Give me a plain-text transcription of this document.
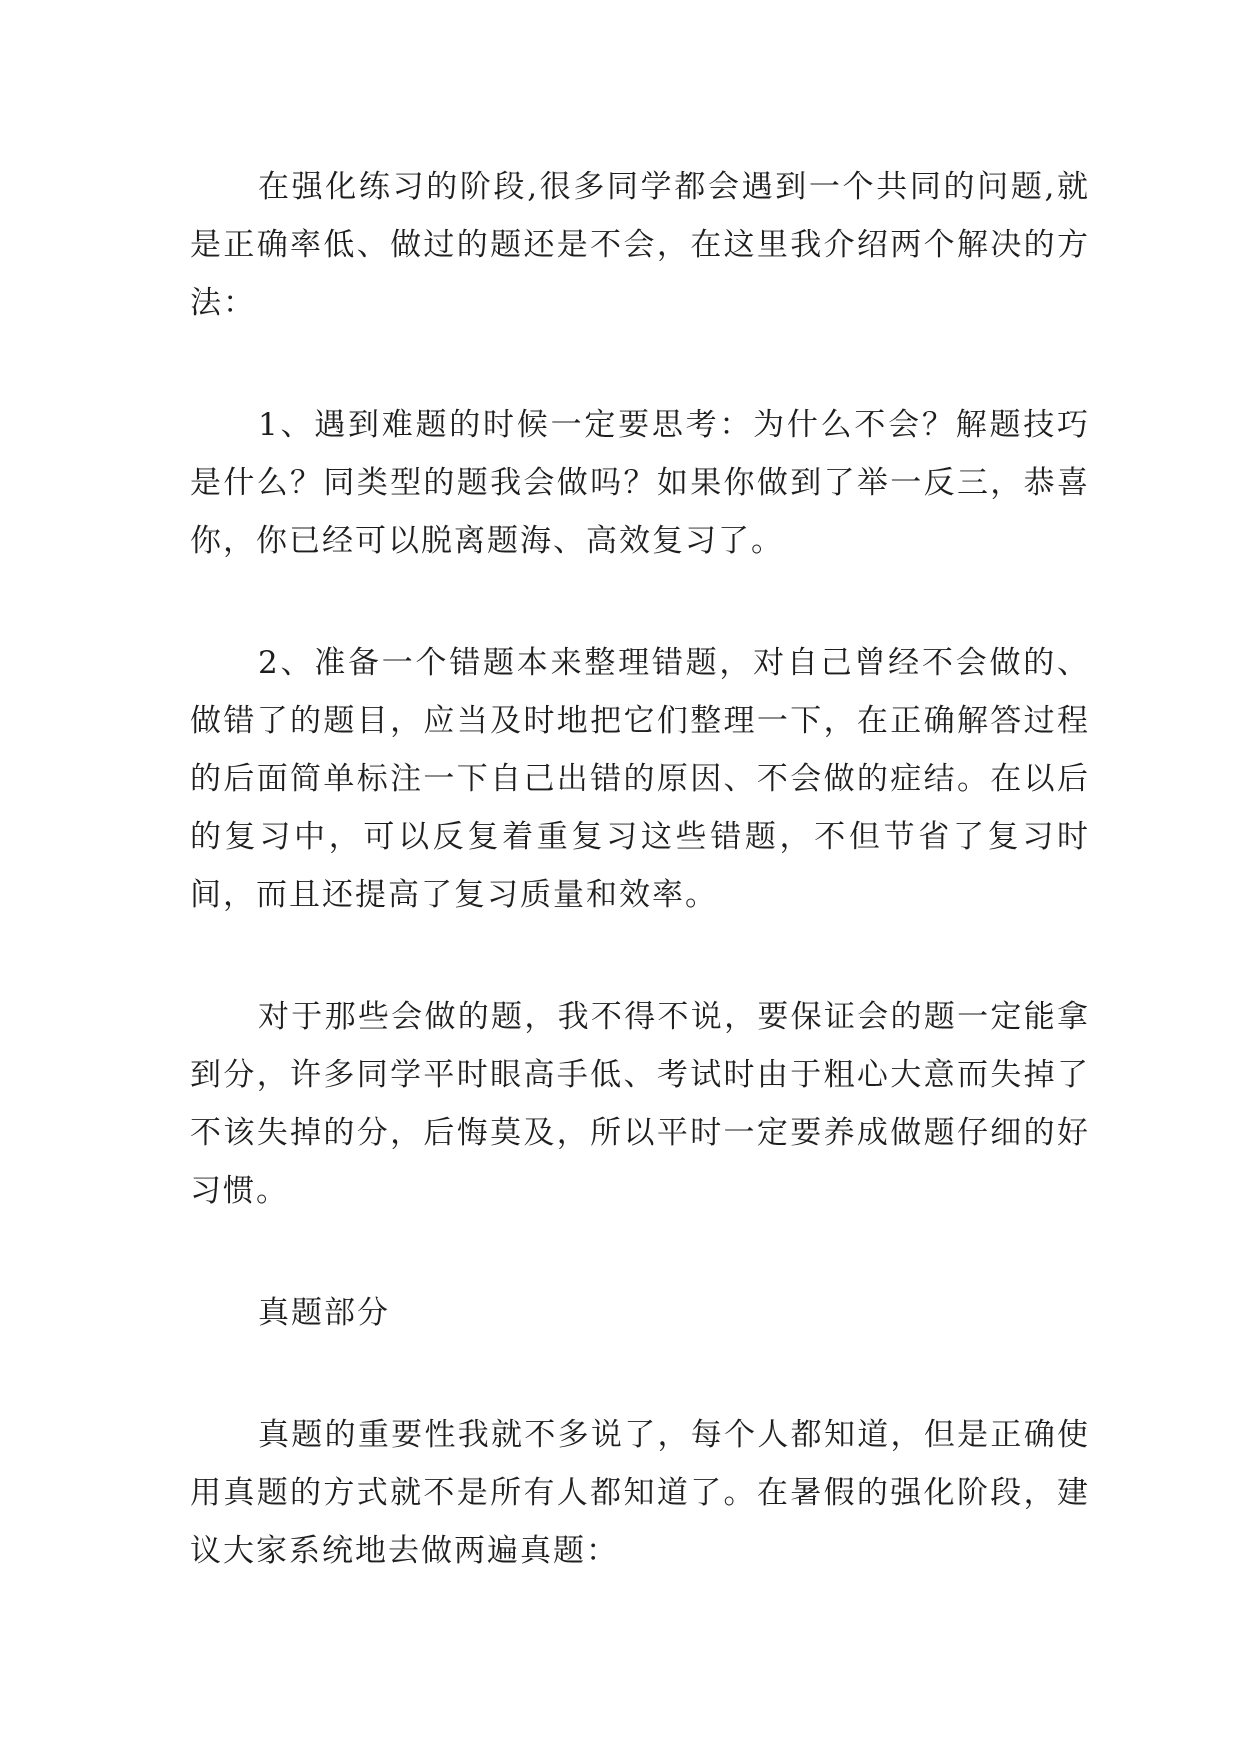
在强化练习的阶段,很多同学都会遇到一个共同的问题,就是正确率低、做过的题还是不会，在这里我介绍两个解决的方法：

1、遇到难题的时候一定要思考：为什么不会？解题技巧是什么？同类型的题我会做吗？如果你做到了举一反三，恭喜你，你已经可以脱离题海、高效复习了。

2、准备一个错题本来整理错题，对自己曾经不会做的、做错了的题目，应当及时地把它们整理一下，在正确解答过程的后面简单标注一下自己出错的原因、不会做的症结。在以后的复习中，可以反复着重复习这些错题，不但节省了复习时间，而且还提高了复习质量和效率。

对于那些会做的题，我不得不说，要保证会的题一定能拿到分，许多同学平时眼高手低、考试时由于粗心大意而失掉了不该失掉的分，后悔莫及，所以平时一定要养成做题仔细的好习惯。

真题部分

真题的重要性我就不多说了，每个人都知道，但是正确使用真题的方式就不是所有人都知道了。在暑假的强化阶段，建议大家系统地去做两遍真题：
